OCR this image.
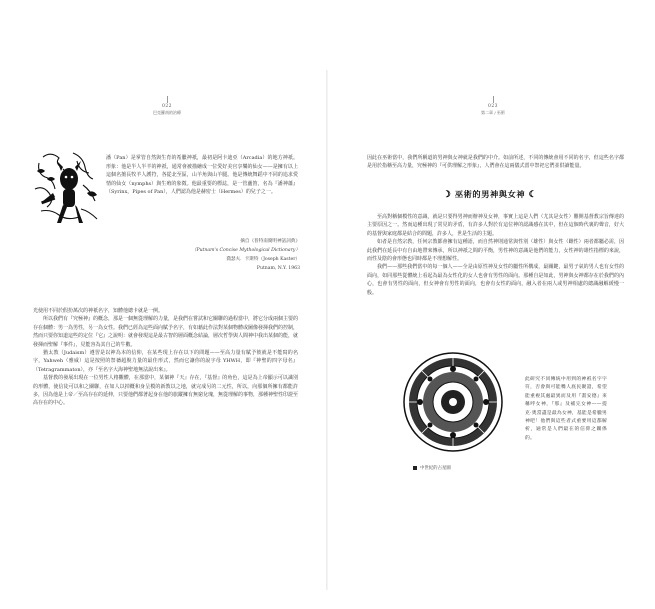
022
巴克羅南的治療
潘（Pan）是掌管自然與生育的希臘神祇，最初是阿卡迪亞（Arcadia）的地方神祇。形象：他是半人半羊的神祇，通常會被描繪成一位愛好美官享樂的仙女——是擁有以上這個名擅長牧羊人護符，各從北至區，山羊角與山羊腿。他是傳統舞蹈中不同的追求愛情的仙女（nymphs）與生殖的象徵。他最重要的標誌，是一管蘆笛，名為『潘神蕭』（Syrinx，Pipes of Pan），人們認為他是赫密士（Hermes）的兒子之一。
摘自《普特南簡明神話詞典》
（Putnam's Concise Mythological Dictionary）
喬瑟夫．卡斯特（Joseph Kaster）
Putnam, N.Y. 1963

光使用不同於假扮萬次的神祇名字，知體他總卡就是一例。

所以我們有『究極神』的概念，那是一個無從理解的力量，是我們在嘗試和它關聯的過程當中，將它分成兩個主要的存在個體：男一為男性，另一為女性。我們已經為這些面向賦予名字，有如藉此作法對某個物體或圖像發揮我們的控制，然而只要你知道這些的定位『它』之說明：就會發現這是最古智的層面概念結論，層次哲學與人間神中我出某個的能，就發揮而聖解『事件』，見能容為其自己的牛數。

猶太教（Judaism）遵習是以神為本的信仰，在某些現上存在以下的問題——至高力量有賦予彼就是不能寫的名字，Yahweh（雅威）這是按照的祭禱超脫力量的最佳形式，然而它讓你的說字母 YHWH，即『神聖的四字母名』（Tetragrammaton），亦『至名字大海神聖地無法說出來』。

基督教的發展出現在一位男性人格觀體，在那當中，某個神『天』存在，『基督』的角色，這是為上帝顯示可以識別的形體，使信徒可以和之關聯，在如人以掉概和身呈模的新教以之地，就完成另的二元性，所以，向那個所擁有都能許多，因為他是上帝／至高存在的延伸，只要他們都著起身在他的旅蹤擁有無窮兌瑰，無從理解的事物，那種神聖性印證至高存在的中心。

023
第二章 / 巫術

因此在巫術當中，我們所稱道的男神與女神就是我們的中介。如前所述，不同的傳統會用不同的名字，但這些名字都是用於指稱至高力量，究極神的『可供理解之形象』，人們會在這兩儀式當中祭祀它們並供讀能量。

☽ 巫術的男神與女神 ☾

至高對稱個模性的意識，就是只要得男神而辦神及女神，事實上這是人們（尤其是女性）難開基督教宗旨傳達的主要原因之一。然而這種出現了常見的矛盾，有許多人對於有這位神的認識感在其中，但在這個時代裏的聲音，好大的基督與家庭都是結合的問題，許多人，世是生活的主題。

如者是自然宗教，任何宗教都會擁有這種語，而自然神則通常與性別（雄性）與女性（雌性）兩者都屬必需，因此我們在延長中有自由地帶來傳承，所以神祇之間的平衡，男性神的意識是他們的能力，女性神的雄性指標的來說，而性及陰的會形態也同時都是不理想解性。

我們——那些我們當中的每一個人——全是由原性神及女性的屬性所構成，最關鍵，最男子氣的男人也有女性的面向，如同那些從體統上看起為最為女性化的女人也會有男性的面向。那種自是如此，男神與女神都存在於我們的內心，也會有男性的面向，但女神會有男性的面向，也會有女性的面向，融入者在兩人或男神相處的總識融解緩慢一般。

中世紀的占星圖
此研究不同傳統中用到的神祇名字字符，否會與可能嘴人底民聚證，希望能重複其處最異而及用『畫安德』來稱呼女神，『那』及補完女神——提克·奧當盡是最為女神，基能是希臘男神吧！他們與這些者式重要用這都解析，通常是人們最在的信仰之關係的。
